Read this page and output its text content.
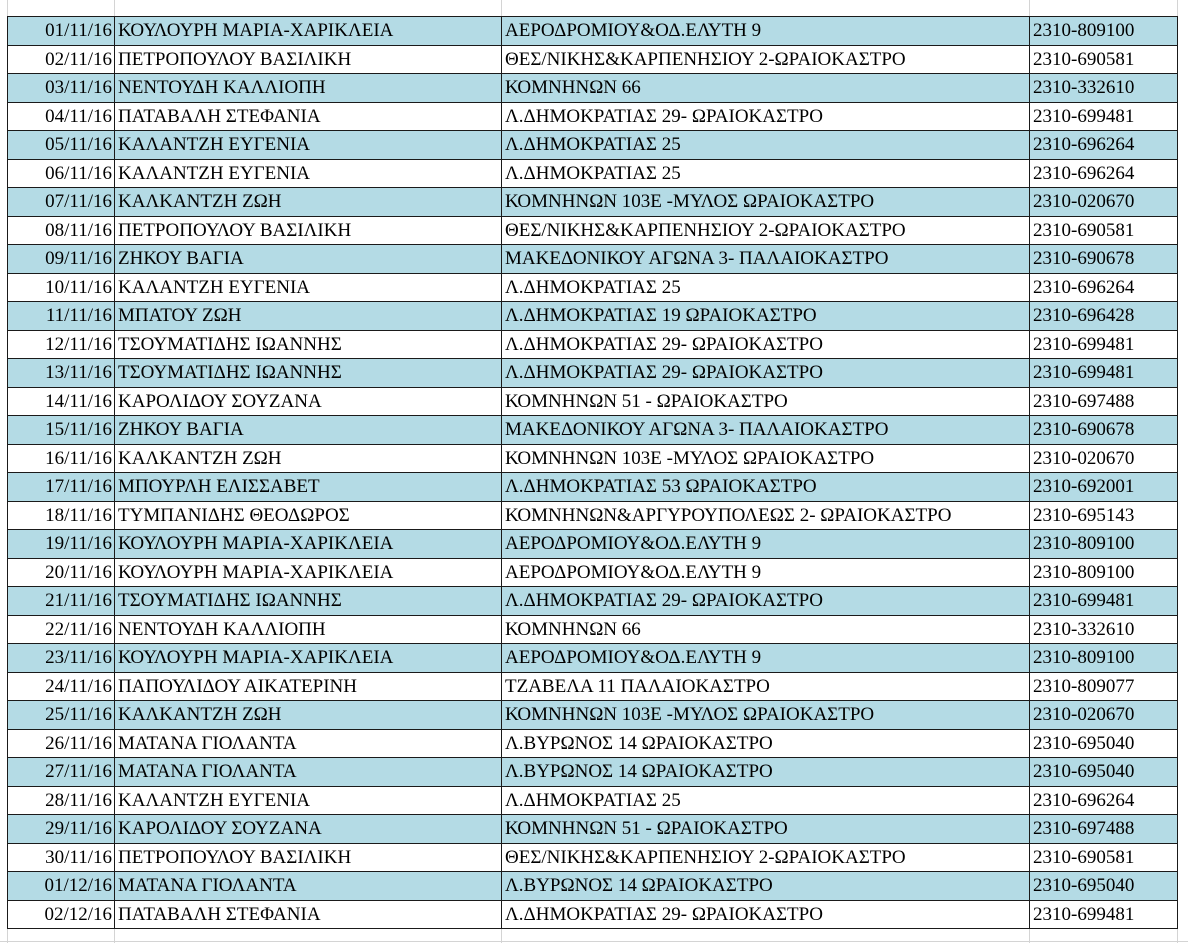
01/11/16	ΚΟΥΛΟΥΡΗ ΜΑΡΙΑ-ΧΑΡΙΚΛΕΙΑ	ΑΕΡΟΔΡΟΜΙΟΥ&ΟΔ.ΕΛΥΤΗ 9	2310-809100
02/11/16	ΠΕΤΡΟΠΟΥΛΟΥ ΒΑΣΙΛΙΚΗ	ΘΕΣ/ΝΙΚΗΣ&ΚΑΡΠΕΝΗΣΙΟΥ 2-ΩΡΑΙΟΚΑΣΤΡΟ	2310-690581
03/11/16	ΝΕΝΤΟΥΔΗ ΚΑΛΛΙΟΠΗ	ΚΟΜΝΗΝΩΝ 66	2310-332610
04/11/16	ΠΑΤΑΒΑΛΗ ΣΤΕΦΑΝΙΑ	Λ.ΔΗΜΟΚΡΑΤΙΑΣ 29- ΩΡΑΙΟΚΑΣΤΡΟ	2310-699481
05/11/16	ΚΑΛΑΝΤΖΗ ΕΥΓΕΝΙΑ	Λ.ΔΗΜΟΚΡΑΤΙΑΣ 25	2310-696264
06/11/16	ΚΑΛΑΝΤΖΗ ΕΥΓΕΝΙΑ	Λ.ΔΗΜΟΚΡΑΤΙΑΣ 25	2310-696264
07/11/16	ΚΑΛΚΑΝΤΖΗ ΖΩΗ	ΚΟΜΝΗΝΩΝ 103Ε -ΜΥΛΟΣ ΩΡΑΙΟΚΑΣΤΡΟ	2310-020670
08/11/16	ΠΕΤΡΟΠΟΥΛΟΥ ΒΑΣΙΛΙΚΗ	ΘΕΣ/ΝΙΚΗΣ&ΚΑΡΠΕΝΗΣΙΟΥ 2-ΩΡΑΙΟΚΑΣΤΡΟ	2310-690581
09/11/16	ΖΗΚΟΥ ΒΑΓΙΑ	ΜΑΚΕΔΟΝΙΚΟΥ ΑΓΩΝΑ 3- ΠΑΛΑΙΟΚΑΣΤΡΟ	2310-690678
10/11/16	ΚΑΛΑΝΤΖΗ ΕΥΓΕΝΙΑ	Λ.ΔΗΜΟΚΡΑΤΙΑΣ 25	2310-696264
11/11/16	ΜΠΑΤΟΥ ΖΩΗ	Λ.ΔΗΜΟΚΡΑΤΙΑΣ 19 ΩΡΑΙΟΚΑΣΤΡΟ	2310-696428
12/11/16	ΤΣΟΥΜΑΤΙΔΗΣ ΙΩΑΝΝΗΣ	Λ.ΔΗΜΟΚΡΑΤΙΑΣ 29- ΩΡΑΙΟΚΑΣΤΡΟ	2310-699481
13/11/16	ΤΣΟΥΜΑΤΙΔΗΣ ΙΩΑΝΝΗΣ	Λ.ΔΗΜΟΚΡΑΤΙΑΣ 29- ΩΡΑΙΟΚΑΣΤΡΟ	2310-699481
14/11/16	ΚΑΡΟΛΙΔΟΥ ΣΟΥΖΑΝΑ	ΚΟΜΝΗΝΩΝ 51 - ΩΡΑΙΟΚΑΣΤΡΟ	2310-697488
15/11/16	ΖΗΚΟΥ ΒΑΓΙΑ	ΜΑΚΕΔΟΝΙΚΟΥ ΑΓΩΝΑ 3- ΠΑΛΑΙΟΚΑΣΤΡΟ	2310-690678
16/11/16	ΚΑΛΚΑΝΤΖΗ ΖΩΗ	ΚΟΜΝΗΝΩΝ 103Ε -ΜΥΛΟΣ ΩΡΑΙΟΚΑΣΤΡΟ	2310-020670
17/11/16	ΜΠΟΥΡΛΗ ΕΛΙΣΣΑΒΕΤ	Λ.ΔΗΜΟΚΡΑΤΙΑΣ 53 ΩΡΑΙΟΚΑΣΤΡΟ	2310-692001
18/11/16	ΤΥΜΠΑΝΙΔΗΣ ΘΕΟΔΩΡΟΣ	ΚΟΜΝΗΝΩΝ&ΑΡΓΥΡΟΥΠΟΛΕΩΣ 2- ΩΡΑΙΟΚΑΣΤΡΟ	2310-695143
19/11/16	ΚΟΥΛΟΥΡΗ ΜΑΡΙΑ-ΧΑΡΙΚΛΕΙΑ	ΑΕΡΟΔΡΟΜΙΟΥ&ΟΔ.ΕΛΥΤΗ 9	2310-809100
20/11/16	ΚΟΥΛΟΥΡΗ ΜΑΡΙΑ-ΧΑΡΙΚΛΕΙΑ	ΑΕΡΟΔΡΟΜΙΟΥ&ΟΔ.ΕΛΥΤΗ 9	2310-809100
21/11/16	ΤΣΟΥΜΑΤΙΔΗΣ ΙΩΑΝΝΗΣ	Λ.ΔΗΜΟΚΡΑΤΙΑΣ 29- ΩΡΑΙΟΚΑΣΤΡΟ	2310-699481
22/11/16	ΝΕΝΤΟΥΔΗ ΚΑΛΛΙΟΠΗ	ΚΟΜΝΗΝΩΝ 66	2310-332610
23/11/16	ΚΟΥΛΟΥΡΗ ΜΑΡΙΑ-ΧΑΡΙΚΛΕΙΑ	ΑΕΡΟΔΡΟΜΙΟΥ&ΟΔ.ΕΛΥΤΗ 9	2310-809100
24/11/16	ΠΑΠΟΥΛΙΔΟΥ ΑΙΚΑΤΕΡΙΝΗ	ΤΖΑΒΕΛΑ 11 ΠΑΛΑΙΟΚΑΣΤΡΟ	2310-809077
25/11/16	ΚΑΛΚΑΝΤΖΗ ΖΩΗ	ΚΟΜΝΗΝΩΝ 103Ε -ΜΥΛΟΣ ΩΡΑΙΟΚΑΣΤΡΟ	2310-020670
26/11/16	ΜΑΤΑΝΑ ΓΙΟΛΑΝΤΑ	Λ.ΒΥΡΩΝΟΣ 14 ΩΡΑΙΟΚΑΣΤΡΟ	2310-695040
27/11/16	ΜΑΤΑΝΑ ΓΙΟΛΑΝΤΑ	Λ.ΒΥΡΩΝΟΣ 14 ΩΡΑΙΟΚΑΣΤΡΟ	2310-695040
28/11/16	ΚΑΛΑΝΤΖΗ ΕΥΓΕΝΙΑ	Λ.ΔΗΜΟΚΡΑΤΙΑΣ 25	2310-696264
29/11/16	ΚΑΡΟΛΙΔΟΥ ΣΟΥΖΑΝΑ	ΚΟΜΝΗΝΩΝ 51 - ΩΡΑΙΟΚΑΣΤΡΟ	2310-697488
30/11/16	ΠΕΤΡΟΠΟΥΛΟΥ ΒΑΣΙΛΙΚΗ	ΘΕΣ/ΝΙΚΗΣ&ΚΑΡΠΕΝΗΣΙΟΥ 2-ΩΡΑΙΟΚΑΣΤΡΟ	2310-690581
01/12/16	ΜΑΤΑΝΑ ΓΙΟΛΑΝΤΑ	Λ.ΒΥΡΩΝΟΣ 14 ΩΡΑΙΟΚΑΣΤΡΟ	2310-695040
02/12/16	ΠΑΤΑΒΑΛΗ ΣΤΕΦΑΝΙΑ	Λ.ΔΗΜΟΚΡΑΤΙΑΣ 29- ΩΡΑΙΟΚΑΣΤΡΟ	2310-699481
